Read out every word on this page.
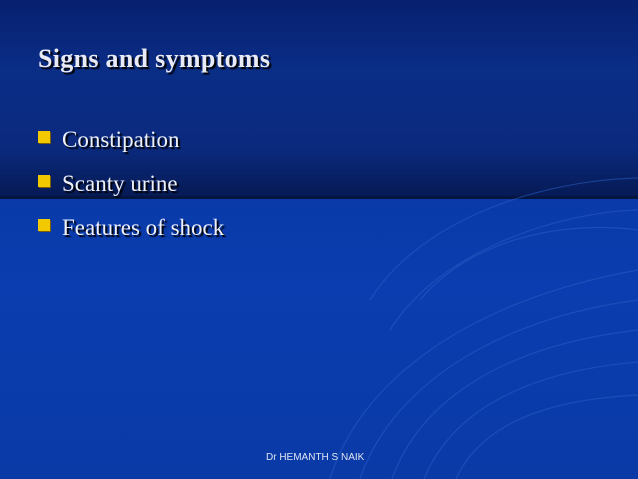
Signs and symptoms
Constipation
Scanty urine
Features of shock
Dr HEMANTH S NAIK
